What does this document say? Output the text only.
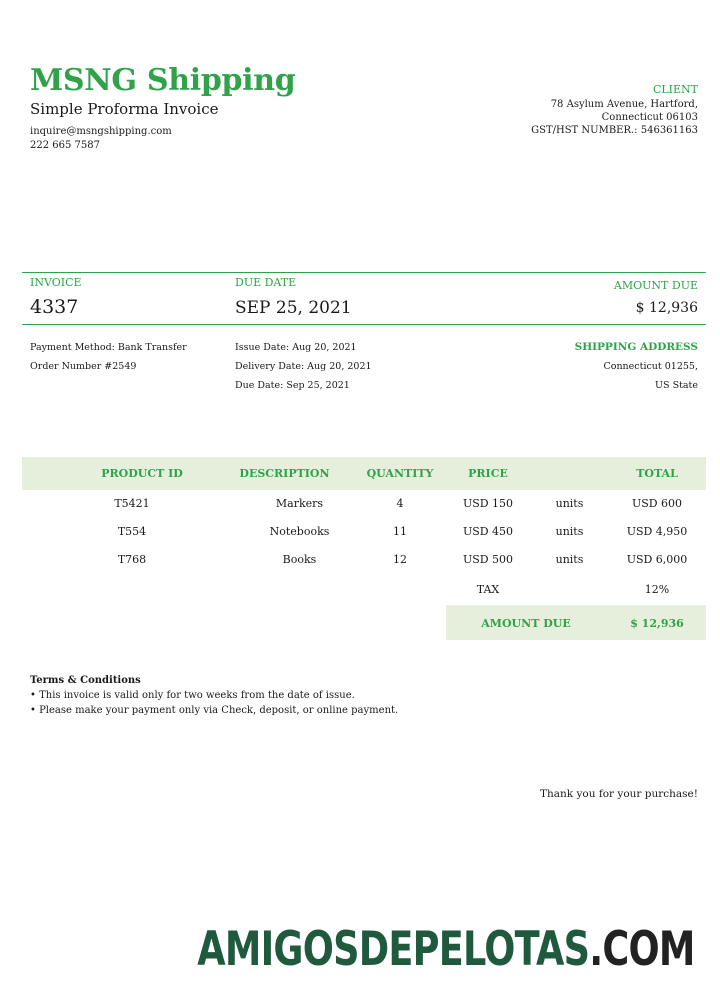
MSNG Shipping
Simple Proforma Invoice
inquire@msngshipping.com
222 665 7587
CLIENT
78 Asylum Avenue, Hartford,
Connecticut 06103
GST/HST NUMBER.: 546361163
INVOICE
4337
DUE DATE
SEP 25, 2021
AMOUNT DUE
$ 12,936
Payment Method: Bank Transfer
Order Number #2549
Issue Date: Aug 20, 2021
Delivery Date: Aug 20, 2021
Due Date: Sep 25, 2021
SHIPPING ADDRESS
Connecticut 01255,
US State
PRODUCT ID	DESCRIPTION	QUANTITY	PRICE	TOTAL
T5421	Markers	4	USD 150	units	USD 600
T554	Notebooks	11	USD 450	units	USD 4,950
T768	Books	12	USD 500	units	USD 6,000
TAX	12%
AMOUNT DUE	$ 12,936
Terms & Conditions
• This invoice is valid only for two weeks from the date of issue.
• Please make your payment only via Check, deposit, or online payment.
Thank you for your purchase!
AMIGOSDEPELOTAS.COM
